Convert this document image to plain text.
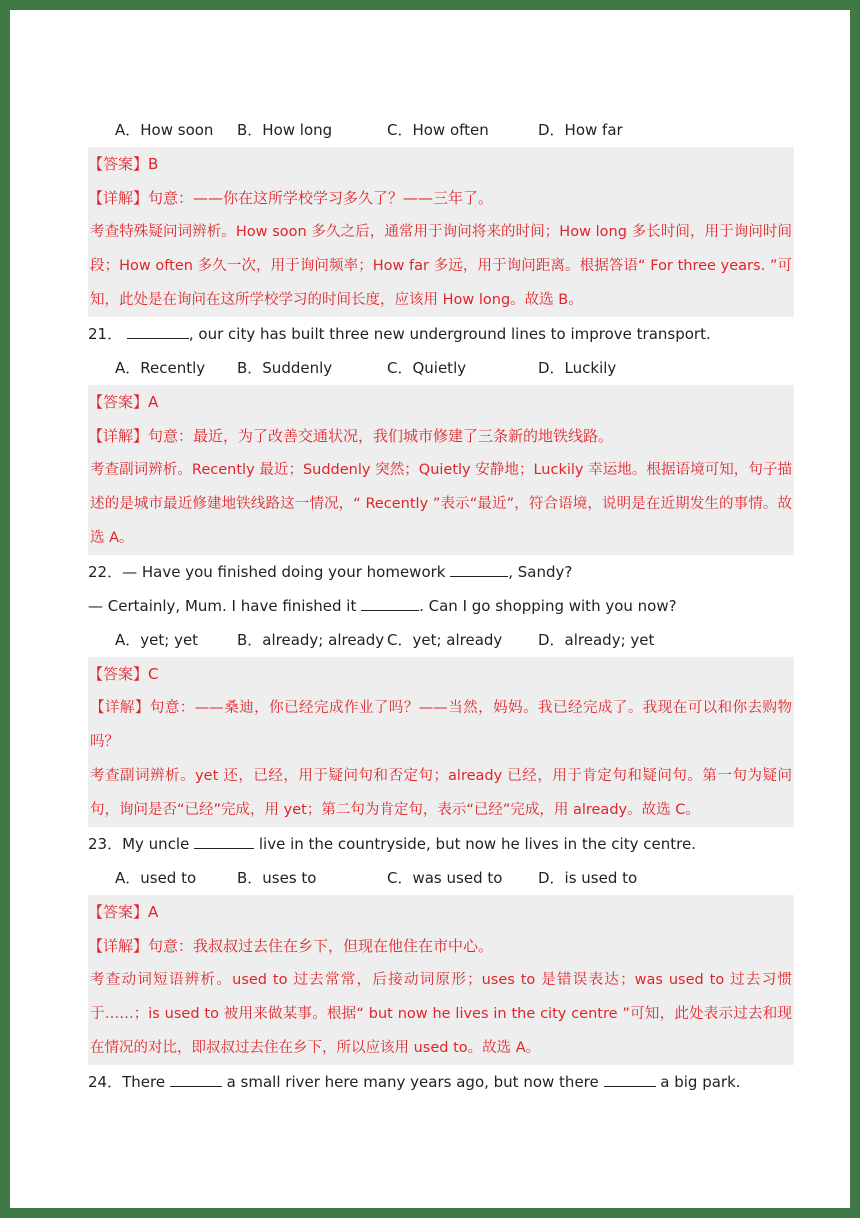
A．How soon B．How long	C．How often	D．How far
【答案】B
【详解】句意：——你在这所学校学习多久了？——三年了。
考查特殊疑问词辨析。How soon 多久之后，通常用于询问将来的时间；How long 多长时间，用于询问时间段；How often 多久一次，用于询问频率；How far 多远，用于询问距离。根据答语“ For three years. ”可知，此处是在询问在这所学校学习的时间长度，应该用 How long。故选 B。
21．	, our city has built three new underground lines to improve transport.
A．Recently B．Suddenly	C．Quietly	D．Luckily
【答案】A
【详解】句意：最近，为了改善交通状况，我们城市修建了三条新的地铁线路。
考查副词辨析。Recently 最近；Suddenly 突然；Quietly 安静地；Luckily 幸运地。根据语境可知，句子描述的是城市最近修建地铁线路这一情况，“ Recently ”表示“最近”，符合语境，说明是在近期发生的事情。故选 A。
22．— Have you finished doing your homework	, Sandy?
— Certainly, Mum. I have finished it	. Can I go shopping with you now?
A．yet; yet	B．already; already C．yet; already D．already; yet
【答案】C
【详解】句意：——桑迪，你已经完成作业了吗？——当然，妈妈。我已经完成了。我现在可以和你去购物吗？
考查副词辨析。yet 还，已经，用于疑问句和否定句；already 已经，用于肯定句和疑问句。第一句为疑问句，询问是否“已经”完成，用 yet；第二句为肯定句，表示“已经”完成，用 already。故选 C。
23．My uncle	live in the countryside, but now he lives in the city centre.
A．used to	B．uses to	C．was used to D．is used to
【答案】A
【详解】句意：我叔叔过去住在乡下，但现在他住在市中心。
考查动词短语辨析。used to 过去常常，后接动词原形；uses to 是错误表达；was used to 过去习惯于……；is used to 被用来做某事。根据“ but now he lives in the city centre ”可知，此处表示过去和现在情况的对比，即叔叔过去住在乡下，所以应该用 used to。故选 A。
24．There	a small river here many years ago, but now there	a big park.
